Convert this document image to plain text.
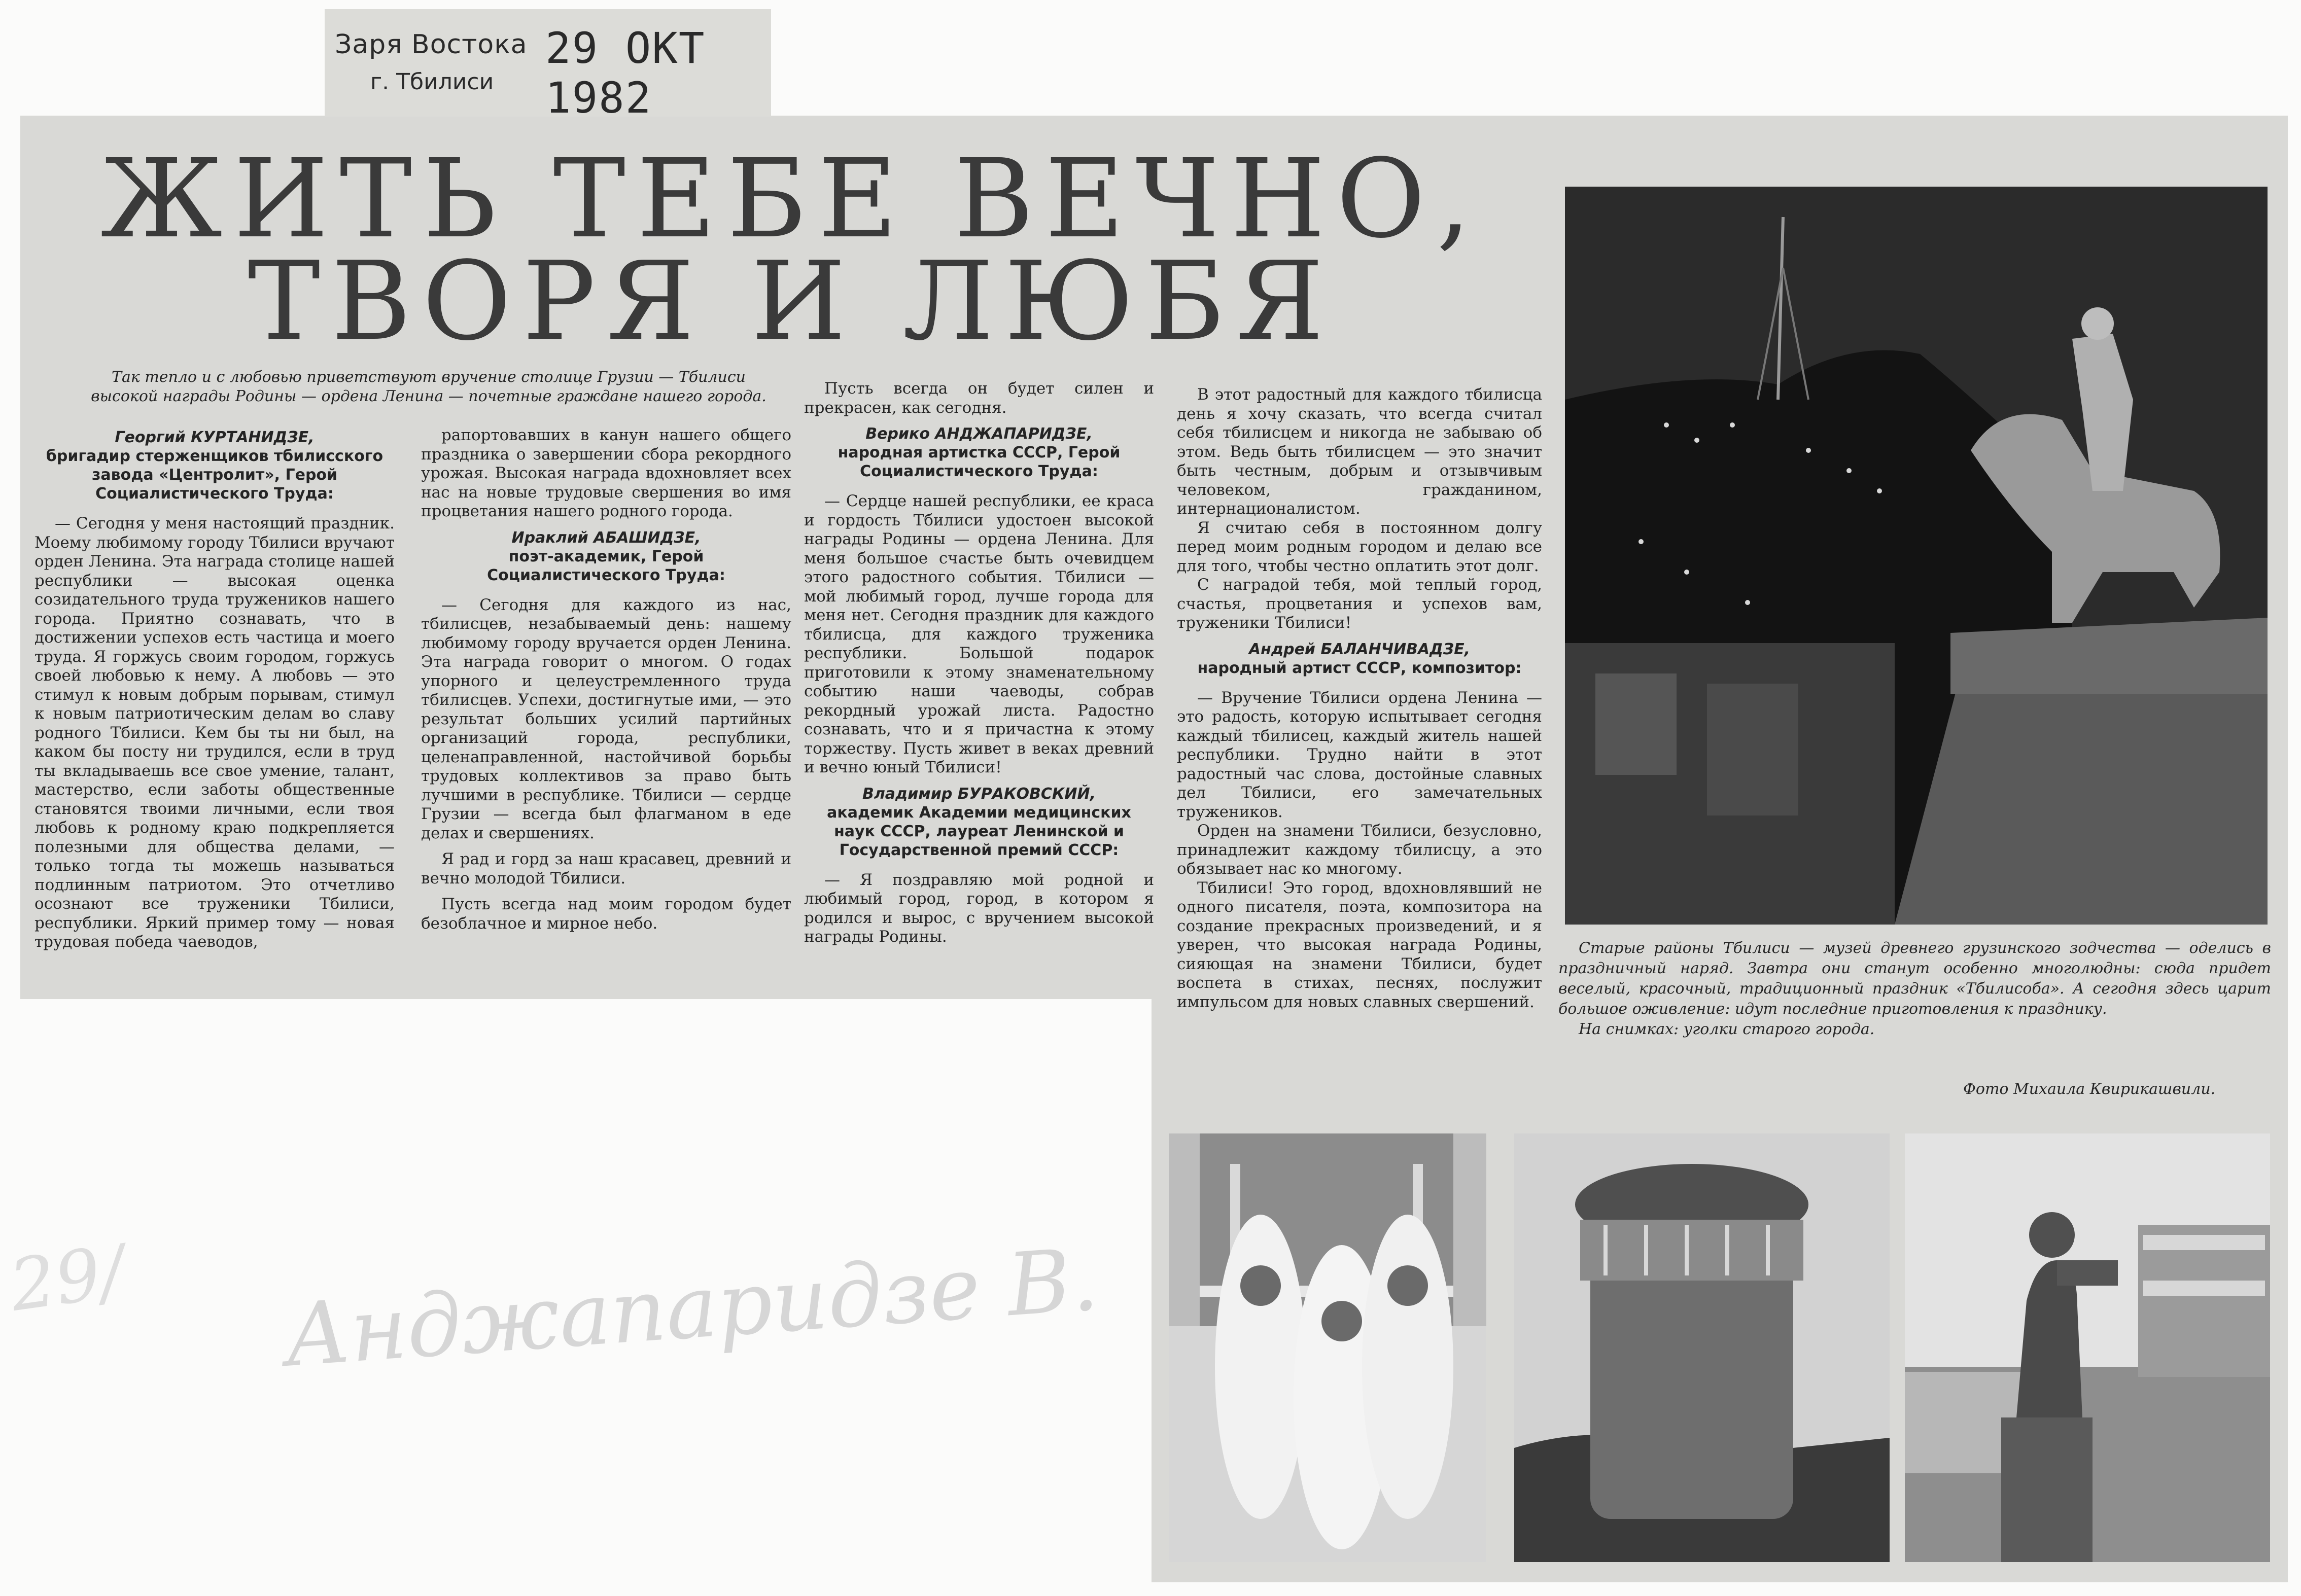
Заря Востока
г. Тбилиси
29 ОКТ 1982
ЖИТЬ ТЕБЕ ВЕЧНО,
ТВОРЯ И ЛЮБЯ
Так тепло и с любовью приветствуют вручение столице Грузии — Тбилиси высокой награды Родины — ордена Ленина — почетные граждане нашего города.
Георгий КУРТАНИДЗЕ,
бригадир стерженщиков тбилисского завода «Центролит», Герой Социалистического Труда:

— Сегодня у меня настоящий праздник. Моему любимому городу Тбилиси вручают орден Ленина. Эта награда столице нашей республики — высокая оценка созидательного труда тружеников нашего города. Приятно сознавать, что в достижении успехов есть частица и моего труда. Я горжусь своим городом, горжусь своей любовью к нему. А любовь — это стимул к новым добрым порывам, стимул к новым патриотическим делам во славу родного Тбилиси. Кем бы ты ни был, на каком бы посту ни трудился, если в труд ты вкладываешь все свое умение, талант, мастерство, если заботы общественные становятся твоими личными, если твоя любовь к родному краю подкрепляется полезными для общества делами, — только тогда ты можешь называться подлинным патриотом. Это отчетливо осознают все труженики Тбилиси, республики. Яркий пример тому — новая трудовая победа чаеводов,

рапортовавших в канун нашего общего праздника о завершении сбора рекордного урожая. Высокая награда вдохновляет всех нас на новые трудовые свершения во имя процветания нашего родного города.

Ираклий АБАШИДЗЕ,
поэт-академик, Герой Социалистического Труда:

— Сегодня для каждого из нас, тбилисцев, незабываемый день: нашему любимому городу вручается орден Ленина. Эта награда говорит о многом. О годах упорного и целеустремленного труда тбилисцев. Успехи, достигнутые ими, — это результат больших усилий партийных организаций города, республики, целенаправленной, настойчивой борьбы трудовых коллективов за право быть лучшими в республике. Тбилиси — сердце Грузии — всегда был флагманом в еде делах и свершениях.

Я рад и горд за наш красавец, древний и вечно молодой Тбилиси.

Пусть всегда над моим городом будет безоблачное и мирное небо.

Пусть всегда он будет силен и прекрасен, как сегодня.

Верико АНДЖАПАРИДЗЕ,
народная артистка СССР, Герой Социалистического Труда:

— Сердце нашей республики, ее краса и гордость Тбилиси удостоен высокой награды Родины — ордена Ленина. Для меня большое счастье быть очевидцем этого радостного события. Тбилиси — мой любимый город, лучше города для меня нет. Сегодня праздник для каждого тбилисца, для каждого труженика республики. Большой подарок приготовили к этому знаменательному событию наши чаеводы, собрав рекордный урожай листа. Радостно сознавать, что и я причастна к этому торжеству. Пусть живет в веках древний и вечно юный Тбилиси!

Владимир БУРАКОВСКИЙ,
академик Академии медицинских наук СССР, лауреат Ленинской и Государственной премий СССР:

— Я поздравляю мой родной и любимый город, город, в котором я родился и вырос, с вручением высокой награды Родины.

В этот радостный для каждого тбилисца день я хочу сказать, что всегда считал себя тбилисцем и никогда не забываю об этом. Ведь быть тбилисцем — это значит быть честным, добрым и отзывчивым человеком, гражданином, интернационалистом.

Я считаю себя в постоянном долгу перед моим родным городом и делаю все для того, чтобы честно оплатить этот долг.

С наградой тебя, мой теплый город, счастья, процветания и успехов вам, труженики Тбилиси!

Андрей БАЛАНЧИВАДЗЕ,
народный артист СССР, композитор:

— Вручение Тбилиси ордена Ленина — это радость, которую испытывает сегодня каждый тбилисец, каждый житель нашей республики. Трудно найти в этот радостный час слова, достойные славных дел Тбилиси, его замечательных тружеников.

Орден на знамени Тбилиси, безусловно, принадлежит каждому тбилисцу, а это обязывает нас ко многому.

Тбилиси! Это город, вдохновлявший не одного писателя, поэта, композитора на создание прекрасных произведений, и я уверен, что высокая награда Родины, сияющая на знамени Тбилиси, будет воспета в стихах, песнях, послужит импульсом для новых славных свершений.

Старые районы Тбилиси — музей древнего грузинского зодчества — оделись в праздничный наряд. Завтра они станут особенно многолюдны: сюда придет веселый, красочный, традиционный праздник «Тбилисоба». А сегодня здесь царит большое оживление: идут последние приготовления к празднику.

На снимках: уголки старого города.

Фото Михаила Квирикашвили.
29/ Анджапаридзе В.
